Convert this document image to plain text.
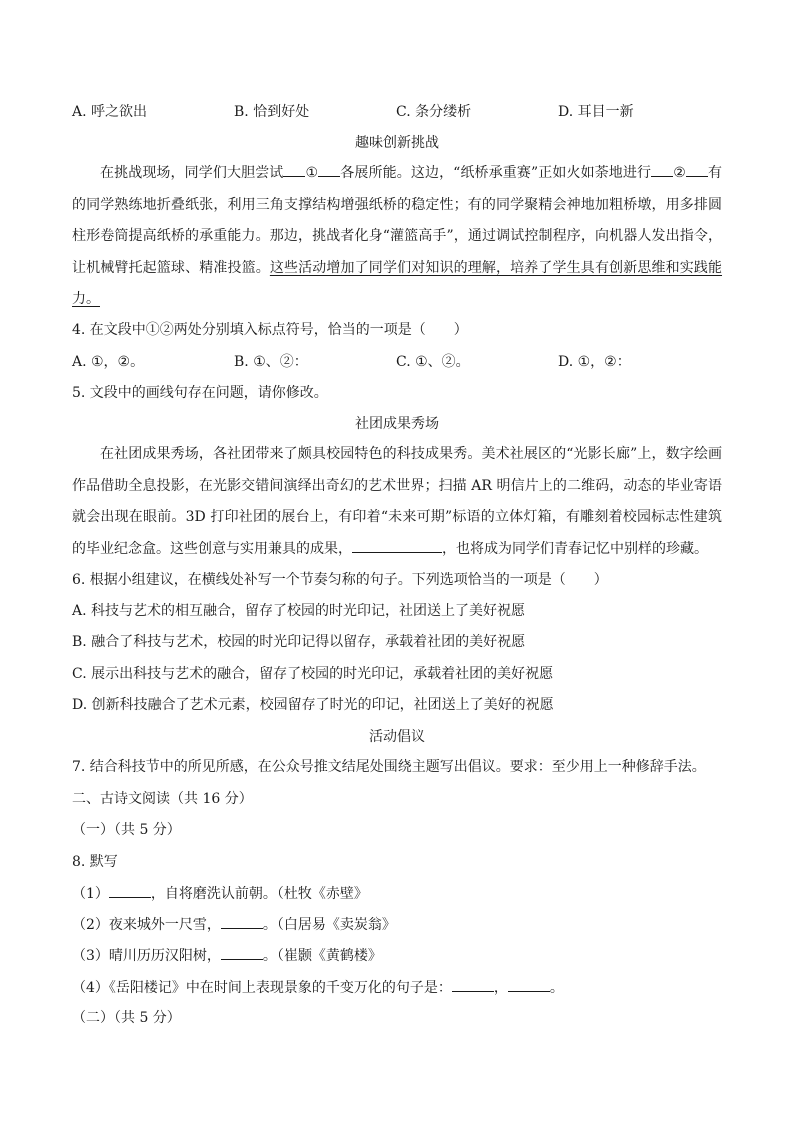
A. 呼之欲出	B. 恰到好处	C. 条分缕析	D. 耳目一新
趣味创新挑战
在挑战现场，同学们大胆尝试 ① 各展所能。这边，“纸桥承重赛”正如火如荼地进行 ② 有的同学熟练地折叠纸张，利用三角支撑结构增强纸桥的稳定性；有的同学聚精会神地加粗桥墩，用多排圆柱形卷筒提高纸桥的承重能力。那边，挑战者化身“灌篮高手”，通过调试控制程序，向机器人发出指令，让机械臂托起篮球、精准投篮。这些活动增加了同学们对知识的理解，培养了学生具有创新思维和实践能力。
4. 在文段中①②两处分别填入标点符号，恰当的一项是（　　）
A. ①，②。	B. ①、②：	C. ①、②。	D. ①，②：
5. 文段中的画线句存在问题，请你修改。
社团成果秀场
在社团成果秀场，各社团带来了颇具校园特色的科技成果秀。美术社展区的“光影长廊”上，数字绘画作品借助全息投影，在光影交错间演绎出奇幻的艺术世界；扫描 AR 明信片上的二维码，动态的毕业寄语就会出现在眼前。3D 打印社团的展台上，有印着“未来可期”标语的立体灯箱，有雕刻着校园标志性建筑的毕业纪念盒。这些创意与实用兼具的成果，	，也将成为同学们青春记忆中别样的珍藏。
6. 根据小组建议，在横线处补写一个节奏匀称的句子。下列选项恰当的一项是（　　）
A. 科技与艺术的相互融合，留存了校园的时光印记，社团送上了美好祝愿
B. 融合了科技与艺术，校园的时光印记得以留存，承载着社团的美好祝愿
C. 展示出科技与艺术的融合，留存了校园的时光印记，承载着社团的美好祝愿
D. 创新科技融合了艺术元素，校园留存了时光的印记，社团送上了美好的祝愿
活动倡议
7. 结合科技节中的所见所感，在公众号推文结尾处围绕主题写出倡议。要求：至少用上一种修辞手法。
二、古诗文阅读（共 16 分）
（一）（共 5 分）
8. 默写
（1）	，自将磨洗认前朝。（杜牧《赤壁》
（2）夜来城外一尺雪，	。（白居易《卖炭翁》
（3）晴川历历汉阳树，	。（崔颢《黄鹤楼》
（4）《岳阳楼记》中在时间上表现景象的千变万化的句子是：	，	。
（二）（共 5 分）
